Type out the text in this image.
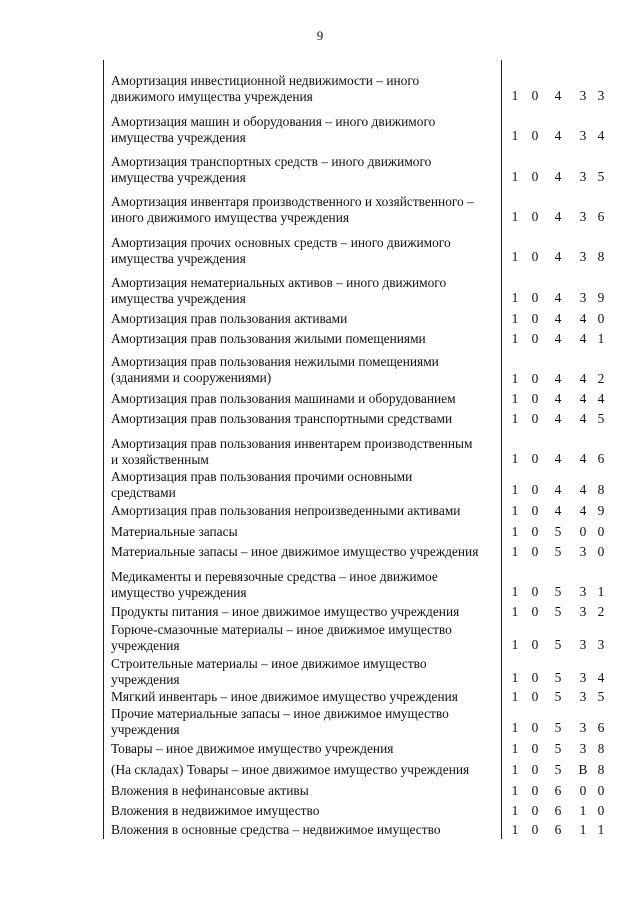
9
Амортизация инвестиционной недвижимости – иного
движимого имущества учреждения	1 0 4 3 3
Амортизация машин и оборудования – иного движимого
имущества учреждения	1 0 4 3 4
Амортизация транспортных средств – иного движимого
имущества учреждения	1 0 4 3 5
Амортизация инвентаря производственного и хозяйственного –
иного движимого имущества учреждения	1 0 4 3 6
Амортизация прочих основных средств – иного движимого
имущества учреждения	1 0 4 3 8
Амортизация нематериальных активов – иного движимого
имущества учреждения	1 0 4 3 9
Амортизация прав пользования активами	1 0 4 4 0
Амортизация прав пользования жилыми помещениями	1 0 4 4 1
Амортизация прав пользования нежилыми помещениями
(зданиями и сооружениями)	1 0 4 4 2
Амортизация прав пользования машинами и оборудованием	1 0 4 4 4
Амортизация прав пользования транспортными средствами	1 0 4 4 5
Амортизация прав пользования инвентарем производственным
и хозяйственным	1 0 4 4 6
Амортизация прав пользования прочими основными
средствами	1 0 4 4 8
Амортизация прав пользования непроизведенными активами	1 0 4 4 9
Материальные запасы	1 0 5 0 0
Материальные запасы – иное движимое имущество учреждения	1 0 5 3 0
Медикаменты и перевязочные средства – иное движимое
имущество учреждения	1 0 5 3 1
Продукты питания – иное движимое имущество учреждения	1 0 5 3 2
Горюче-смазочные материалы – иное движимое имущество
учреждения	1 0 5 3 3
Строительные материалы – иное движимое имущество
учреждения	1 0 5 3 4
Мягкий инвентарь – иное движимое имущество учреждения	1 0 5 3 5
Прочие материальные запасы – иное движимое имущество
учреждения	1 0 5 3 6
Товары – иное движимое имущество учреждения	1 0 5 3 8
(На складах) Товары – иное движимое имущество учреждения	1 0 5 В 8
Вложения в нефинансовые активы	1 0 6 0 0
Вложения в недвижимое имущество	1 0 6 1 0
Вложения в основные средства – недвижимое имущество	1 0 6 1 1
